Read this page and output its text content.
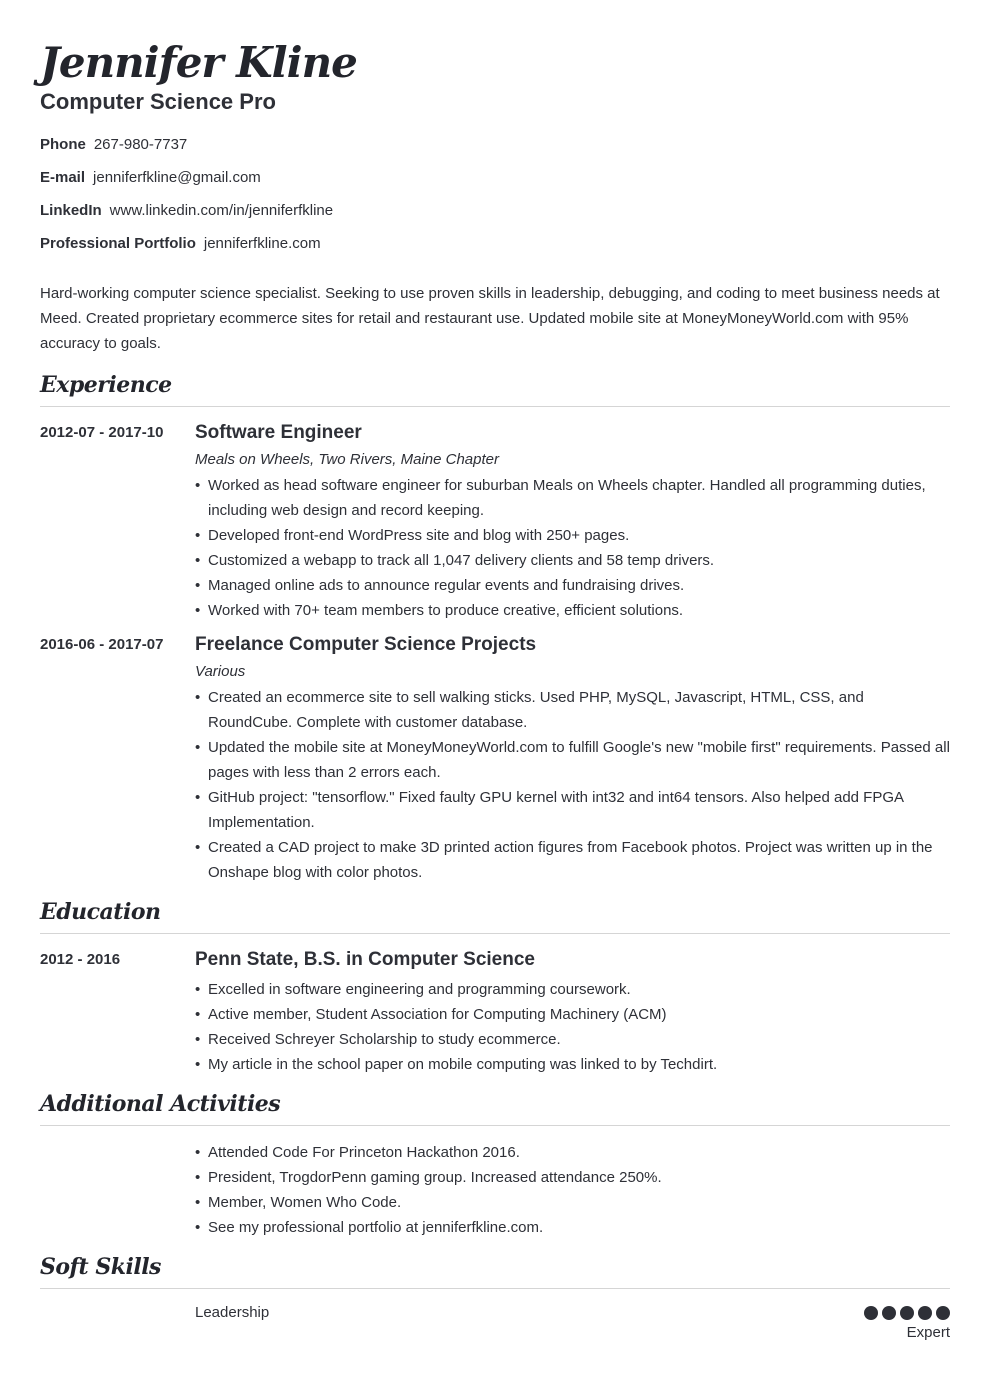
Jennifer Kline
Computer Science Pro
Phone 267-980-7737
E-mail jenniferfkline@gmail.com
LinkedIn www.linkedin.com/in/jenniferfkline
Professional Portfolio jenniferfkline.com
Hard-working computer science specialist. Seeking to use proven skills in leadership, debugging, and coding to meet business needs at Meed. Created proprietary ecommerce sites for retail and restaurant use. Updated mobile site at MoneyMoneyWorld.com with 95% accuracy to goals.
Experience
2012-07 - 2017-10	Software Engineer
Meals on Wheels, Two Rivers, Maine Chapter
• Worked as head software engineer for suburban Meals on Wheels chapter. Handled all programming duties, including web design and record keeping.
• Developed front-end WordPress site and blog with 250+ pages.
• Customized a webapp to track all 1,047 delivery clients and 58 temp drivers.
• Managed online ads to announce regular events and fundraising drives.
• Worked with 70+ team members to produce creative, efficient solutions.
2016-06 - 2017-07	Freelance Computer Science Projects
Various
• Created an ecommerce site to sell walking sticks. Used PHP, MySQL, Javascript, HTML, CSS, and RoundCube. Complete with customer database.
• Updated the mobile site at MoneyMoneyWorld.com to fulfill Google's new "mobile first" requirements. Passed all pages with less than 2 errors each.
• GitHub project: "tensorflow." Fixed faulty GPU kernel with int32 and int64 tensors. Also helped add FPGA Implementation.
• Created a CAD project to make 3D printed action figures from Facebook photos. Project was written up in the Onshape blog with color photos.
Education
2012 - 2016	Penn State, B.S. in Computer Science
• Excelled in software engineering and programming coursework.
• Active member, Student Association for Computing Machinery (ACM)
• Received Schreyer Scholarship to study ecommerce.
• My article in the school paper on mobile computing was linked to by Techdirt.
Additional Activities
• Attended Code For Princeton Hackathon 2016.
• President, TrogdorPenn gaming group. Increased attendance 250%.
• Member, Women Who Code.
• See my professional portfolio at jenniferfkline.com.
Soft Skills
Leadership
Expert
